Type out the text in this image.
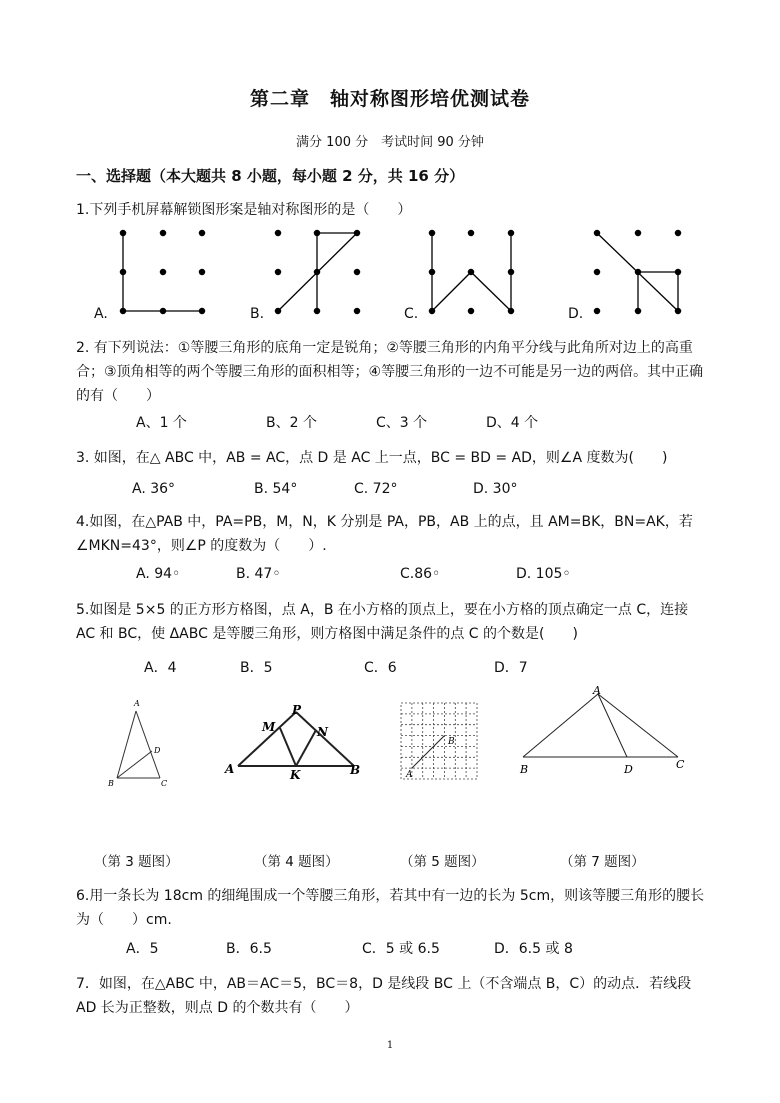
第二章　轴对称图形培优测试卷
满分 100 分　考试时间 90 分钟
一、选择题（本大题共 8 小题，每小题 2 分，共 16 分）
1.下列手机屏幕解锁图形案是轴对称图形的是（　　）
A.	B.	C.	D.
2. 有下列说法：①等腰三角形的底角一定是锐角；②等腰三角形的内角平分线与此角所对边上的高重合；③顶角相等的两个等腰三角形的面积相等；④等腰三角形的一边不可能是另一边的两倍。其中正确的有（　　）
A、1 个	B、2 个	C、3 个	D、4 个
3. 如图，在△ ABC 中，AB = AC，点 D 是 AC 上一点，BC = BD = AD，则∠A 度数为(　　)
A. 36°	B. 54°	C. 72°	D. 30°
4.如图，在△PAB 中，PA=PB，M，N，K 分别是 PA，PB，AB 上的点，且 AM=BK，BN=AK，若∠MKN=43°，则∠P 的度数为（　　）.
A. 94◦	B. 47◦	C.86◦	D. 105◦
5.如图是 5×5 的正方形方格图，点 A，B 在小方格的顶点上，要在小方格的顶点确定一点 C，连接 AC 和 BC，使 ΔABC 是等腰三角形，则方格图中满足条件的点 C 的个数是(　　)
A．4	B．5	C．6	D．7
A
B	C
D
P
M	N
A	B
K	A
B
A
B	D	C
（第 3 题图）	（第 4 题图）	（第 5 题图）	（第 7 题图）
6.用一条长为 18cm 的细绳围成一个等腰三角形，若其中有一边的长为 5cm，则该等腰三角形的腰长为（　　）cm.
A．5	B．6.5	C．5 或 6.5	D．6.5 或 8
7．如图，在△ABC 中，AB＝AC＝5，BC＝8，D 是线段 BC 上（不含端点 B，C）的动点．若线段 AD 长为正整数，则点 D 的个数共有（　　）
1
